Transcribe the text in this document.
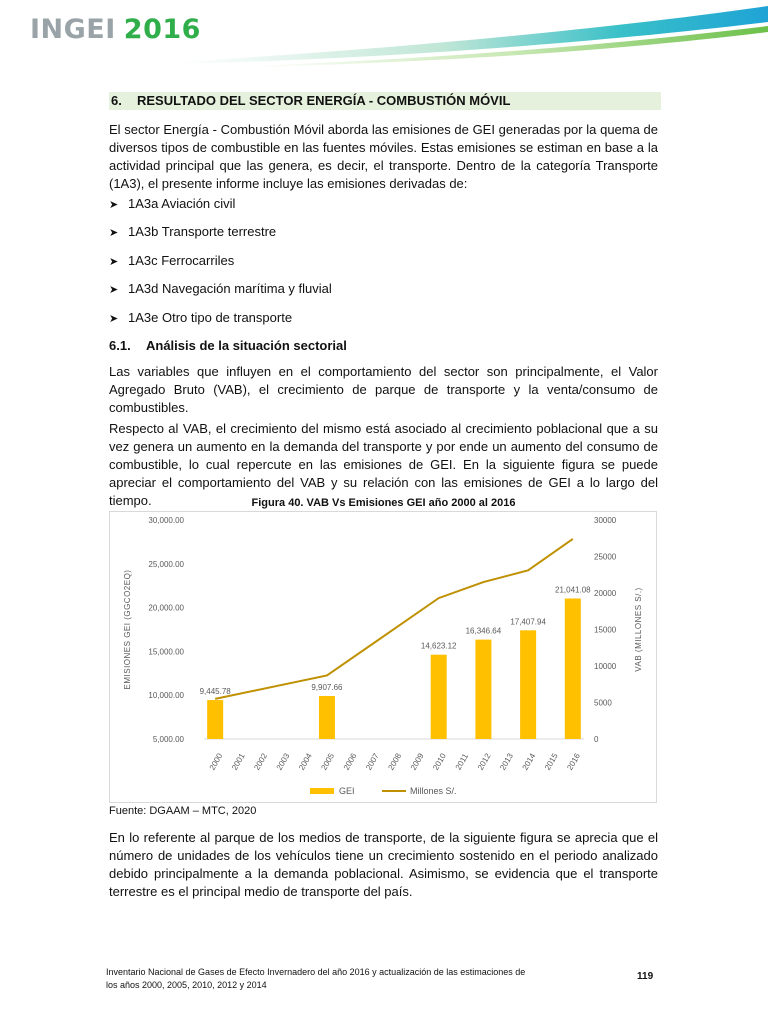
INGEI 2016
6. RESULTADO DEL SECTOR ENERGÍA - COMBUSTIÓN MÓVIL

El sector Energía - Combustión Móvil aborda las emisiones de GEI generadas por la quema de diversos tipos de combustible en las fuentes móviles. Estas emisiones se estiman en base a la actividad principal que las genera, es decir, el transporte. Dentro de la categoría Transporte (1A3), el presente informe incluye las emisiones derivadas de:

➤ 1A3a Aviación civil
➤ 1A3b Transporte terrestre
➤ 1A3c Ferrocarriles
➤ 1A3d Navegación marítima y fluvial
➤ 1A3e Otro tipo de transporte
6.1. Análisis de la situación sectorial

Las variables que influyen en el comportamiento del sector son principalmente, el Valor Agregado Bruto (VAB), el crecimiento de parque de transporte y la venta/consumo de combustibles.

Respecto al VAB, el crecimiento del mismo está asociado al crecimiento poblacional que a su vez genera un aumento en la demanda del transporte y por ende un aumento del consumo de combustible, lo cual repercute en las emisiones de GEI. En la siguiente figura se puede apreciar el comportamiento del VAB y su relación con las emisiones de GEI a lo largo del tiempo.	Figura 40. VAB Vs Emisiones GEI año 2000 al 2016
5,000.00
10,000.00
15,000.00
20,000.00
25,000.00
30,000.00
0
5000
10000
15000
20000
25000
30000
9,445.78	9,907.66
14,623.12
16,346.64
17,407.94
21,041.08
2000 2001 2002 2003 2004 2005 2006 2007 2008 2009 2010 2011 2012 2013 2014 2015 2016
EMISIONES GEI (GGCO2EQ)	VAB (MILLONES S/.)
GEI	Millones S/.
Fuente: DGAAM – MTC, 2020

En lo referente al parque de los medios de transporte, de la siguiente figura se aprecia que el número de unidades de los vehículos tiene un crecimiento sostenido en el periodo analizado debido principalmente a la demanda poblacional. Asimismo, se evidencia que el transporte terrestre es el principal medio de transporte del país.

Inventario Nacional de Gases de Efecto Invernadero del año 2016 y actualización de las estimaciones de los años 2000, 2005, 2010, 2012 y 2014
119
